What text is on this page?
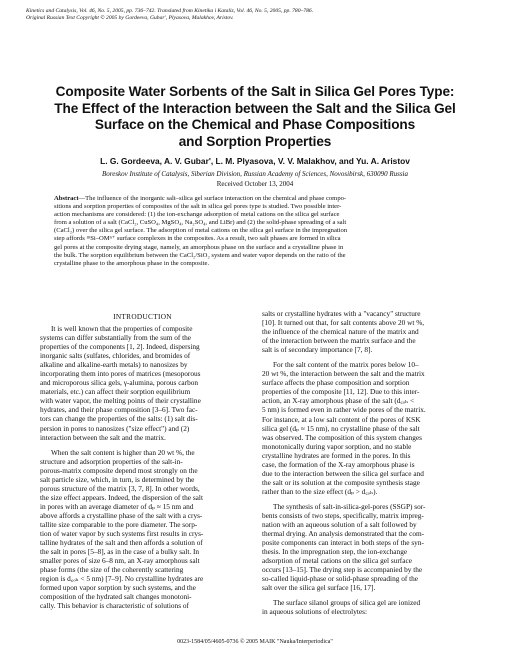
Kinetics and Catalysis, Vol. 46, No. 5, 2005, pp. 736–742. Translated from Kinetika i Kataliz, Vol. 46, No. 5, 2005, pp. 780–786.
Original Russian Text Copyright © 2005 by Gordeeva, Gubar', Plyasova, Malakhov, Aristov.
Composite Water Sorbents of the Salt in Silica Gel Pores Type:
The Effect of the Interaction between the Salt and the Silica Gel
Surface on the Chemical and Phase Compositions
and Sorption Properties
L. G. Gordeeva, A. V. Gubar', L. M. Plyasova, V. V. Malakhov, and Yu. A. Aristov
Boreskov Institute of Catalysis, Siberian Division, Russian Academy of Sciences, Novosibirsk, 630090 Russia
Received October 13, 2004
Abstract—The influence of the inorganic salt–silica gel surface interaction on the chemical and phase compo-
sitions and sorption properties of composites of the salt in silica gel pores type is studied. Two possible inter-
action mechanisms are considered: (1) the ion-exchange adsorption of metal cations on the silica gel surface
from a solution of a salt (CaCl₂, CuSO₄, MgSO₄, Na₂SO₄, and LiBr) and (2) the solid-phase spreading of a salt
(CaCl₂) over the silica gel surface. The adsorption of metal cations on the silica gel surface in the impregnation
step affords ≡Si–OMⁿ⁺ surface complexes in the composites. As a result, two salt phases are formed in silica
gel pores at the composite drying stage, namely, an amorphous phase on the surface and a crystalline phase in
the bulk. The sorption equilibrium between the CaCl₂/SiO₂ system and water vapor depends on the ratio of the
crystalline phase to the amorphous phase in the composite.
INTRODUCTION
It is well known that the properties of composite
systems can differ substantially from the sum of the
properties of the components [1, 2]. Indeed, dispersing
inorganic salts (sulfates, chlorides, and bromides of
alkaline and alkaline-earth metals) to nanosizes by
incorporating them into pores of matrices (mesoporous
and microporous silica gels, γ-alumina, porous carbon
materials, etc.) can affect their sorption equilibrium
with water vapor, the melting points of their crystalline
hydrates, and their phase composition [3–6]. Two fac-
tors can change the properties of the salts: (1) salt dis-
persion in pores to nanosizes ("size effect") and (2)
interaction between the salt and the matrix.
When the salt content is higher than 20 wt %, the
structure and adsorption properties of the salt-in-
porous-matrix composite depend most strongly on the
salt particle size, which, in turn, is determined by the
porous structure of the matrix [3, 7, 8]. In other words,
the size effect appears. Indeed, the dispersion of the salt
in pores with an average diameter of dₚ ≈ 15 nm and
above affords a crystalline phase of the salt with a crys-
tallite size comparable to the pore diameter. The sorp-
tion of water vapor by such systems first results in crys-
talline hydrates of the salt and then affords a solution of
the salt in pores [5–8], as in the case of a bulky salt. In
smaller pores of size 6–8 nm, an X-ray amorphous salt
phase forms (the size of the coherently scattering
region is d꜀ₒₕ < 5 nm) [7–9]. No crystalline hydrates are
formed upon vapor sorption by such systems, and the
composition of the hydrated salt changes monotoni-
cally. This behavior is characteristic of solutions of
salts or crystalline hydrates with a "vacancy" structure
[10]. It turned out that, for salt contents above 20 wt %,
the influence of the chemical nature of the matrix and
of the interaction between the matrix surface and the
salt is of secondary importance [7, 8].
For the salt content of the matrix pores below 10–
20 wt %, the interaction between the salt and the matrix
surface affects the phase composition and sorption
properties of the composite [11, 12]. Due to this inter-
action, an X-ray amorphous phase of the salt (d꜀ₒₕ <
5 nm) is formed even in rather wide pores of the matrix.
For instance, at a low salt content of the pores of KSK
silica gel (dₚ ≈ 15 nm), no crystalline phase of the salt
was observed. The composition of this system changes
monotonically during vapor sorption, and no stable
crystalline hydrates are formed in the pores. In this
case, the formation of the X-ray amorphous phase is
due to the interaction between the silica gel surface and
the salt or its solution at the composite synthesis stage
rather than to the size effect (dₚ > d꜀ₒₕ).
The synthesis of salt-in-silica-gel-pores (SSGP) sor-
bents consists of two steps, specifically, matrix impreg-
nation with an aqueous solution of a salt followed by
thermal drying. An analysis demonstrated that the com-
posite components can interact in both steps of the syn-
thesis. In the impregnation step, the ion-exchange
adsorption of metal cations on the silica gel surface
occurs [13–15]. The drying step is accompanied by the
so-called liquid-phase or solid-phase spreading of the
salt over the silica gel surface [16, 17].
The surface silanol groups of silica gel are ionized
in aqueous solutions of electrolytes:
0023-1584/05/4605-0736 © 2005 MAIK "Nauka/Interperiodica"
